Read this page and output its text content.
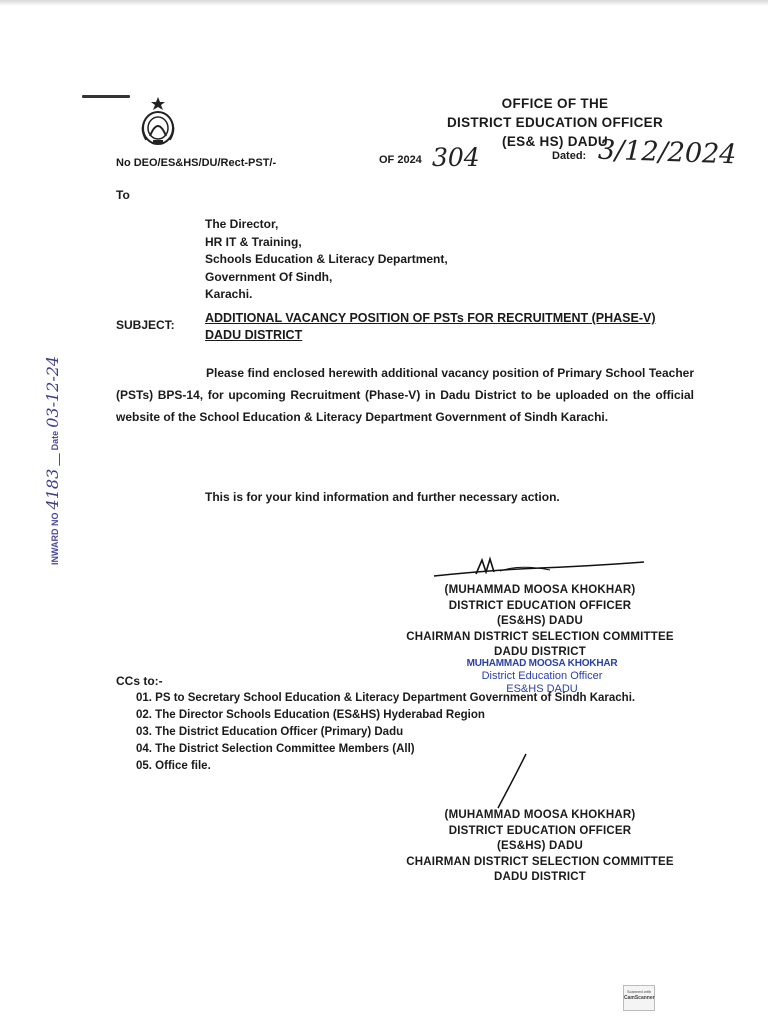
OFFICE OF THE
DISTRICT EDUCATION OFFICER
(ES& HS) DADU
No DEO/ES&HS/DU/Rect-PST/-	OF 2024 304	Dated: 3/12/2024
To
The Director,
HR IT & Training,
Schools Education & Literacy Department,
Government Of Sindh,
Karachi.
SUBJECT: ADDITIONAL VACANCY POSITION OF PSTs FOR RECRUITMENT (PHASE-V)
DADU DISTRICT

Please find enclosed herewith additional vacancy position of Primary School Teacher (PSTs) BPS-14, for upcoming Recruitment (Phase-V) in Dadu District to be uploaded on the official website of the School Education & Literacy Department Government of Sindh Karachi.

This is for your kind information and further necessary action.
INWARD NO 4183      Date 03-12-24
(MUHAMMAD MOOSA KHOKHAR)
DISTRICT EDUCATION OFFICER
(ES&HS) DADU
CHAIRMAN DISTRICT SELECTION COMMITTEE
DADU DISTRICT
MUHAMMAD MOOSA KHOKHAR
District Education Officer
ES&HS DADU
CCs to:-
01. PS to Secretary School Education & Literacy Department Government of Sindh Karachi.
02. The Director Schools Education (ES&HS) Hyderabad Region
03. The District Education Officer (Primary) Dadu
04. The District Selection Committee Members (All)
05. Office file.
(MUHAMMAD MOOSA KHOKHAR)
DISTRICT EDUCATION OFFICER
(ES&HS) DADU
CHAIRMAN DISTRICT SELECTION COMMITTEE
DADU DISTRICT
Scanned with
CamScanner
